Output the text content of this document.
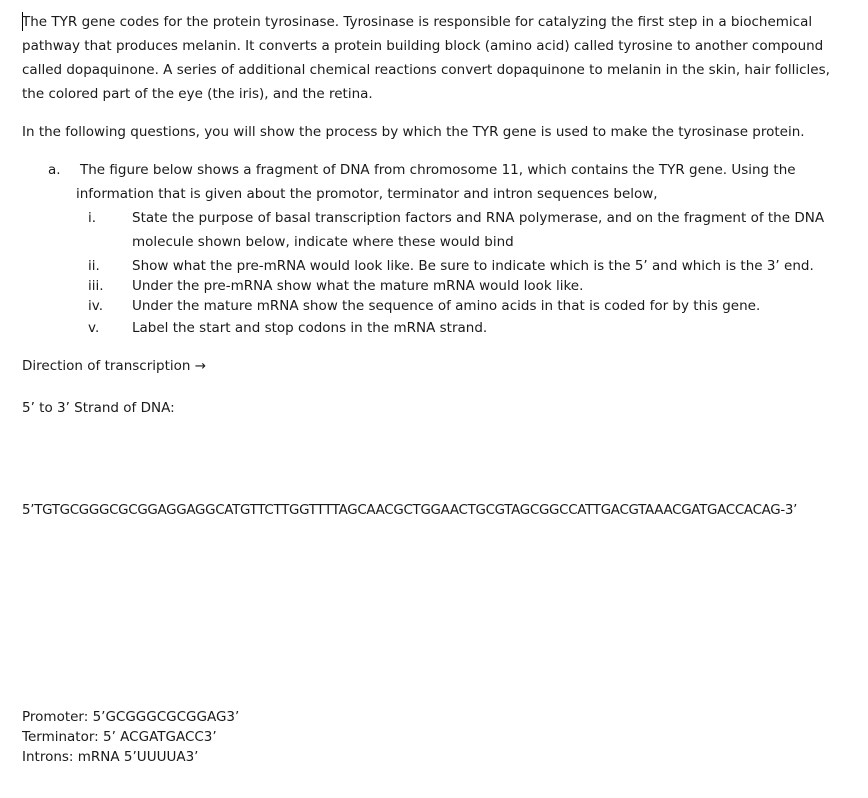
The TYR gene codes for the protein tyrosinase. Tyrosinase is responsible for catalyzing the first step in a biochemical pathway that produces melanin. It converts a protein building block (amino acid) called tyrosine to another compound called dopaquinone. A series of additional chemical reactions convert dopaquinone to melanin in the skin, hair follicles, the colored part of the eye (the iris), and the retina.

In the following questions, you will show the process by which the TYR gene is used to make the tyrosinase protein.

a. The figure below shows a fragment of DNA from chromosome 11, which contains the TYR gene. Using the
information that is given about the promotor, terminator and intron sequences below,
i.	State the purpose of basal transcription factors and RNA polymerase, and on the fragment of the DNA molecule shown below, indicate where these would bind
ii.	Show what the pre-mRNA would look like. Be sure to indicate which is the 5’ and which is the 3’ end.
iii.	Under the pre-mRNA show what the mature mRNA would look like.
iv.	Under the mature mRNA show the sequence of amino acids in that is coded for by this gene.
v.	Label the start and stop codons in the mRNA strand.
Direction of transcription →
5’ to 3’ Strand of DNA:
5’TGTGCGGGCGCGGAGGAGGCATGTTCTTGGTTTTAGCAACGCTGGAACTGCGTAGCGGCCATTGACGTAAACGATGACCACAG-3’
Promoter: 5’GCGGGCGCGGAG3’
Terminator: 5’ ACGATGACC3’
Introns: mRNA 5’UUUUA3’
